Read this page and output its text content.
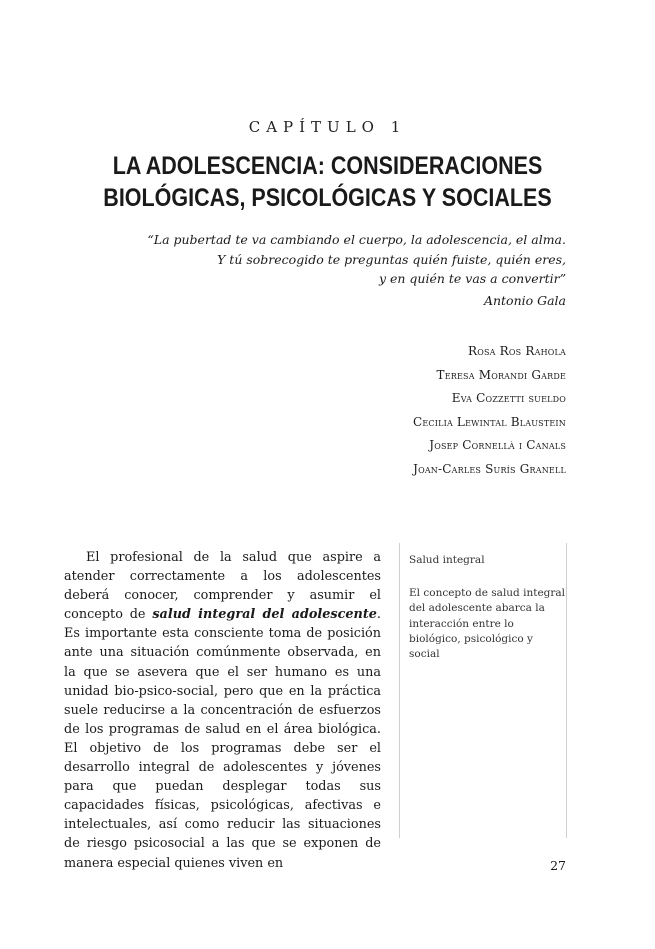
CAPÍTULO 1
LA ADOLESCENCIA: CONSIDERACIONES
BIOLÓGICAS, PSICOLÓGICAS Y SOCIALES
“La pubertad te va cambiando el cuerpo, la adolescencia, el alma.
Y tú sobrecogido te preguntas quién fuiste, quién eres,
y en quién te vas a convertir”
Antonio Gala
Rosa Ros Rahola
Teresa Morandi Garde
Eva Cozzetti sueldo
Cecilia Lewintal Blaustein
Josep Cornellà i Canals
Joan-Carles Surís Granell

El profesional de la salud que aspire a atender correctamente a los adolescentes deberá conocer, comprender y asumir el concepto de salud integral del adolescente. Es importante esta consciente toma de posición ante una situación comúnmente observada, en la que se asevera que el ser humano es una unidad bio-psico-social, pero que en la práctica suele reducirse a la concentración de esfuerzos de los programas de salud en el área biológica. El objetivo de los programas debe ser el desarrollo integral de adolescentes y jóvenes para que puedan desplegar todas sus capacidades físicas, psicológicas, afectivas e intelectuales, así como reducir las situaciones de riesgo psicosocial a las que se exponen de manera especial quienes viven en

Salud integral

El concepto de salud integral del adolescente abarca la interacción entre lo biológico, psicológico y social

27
